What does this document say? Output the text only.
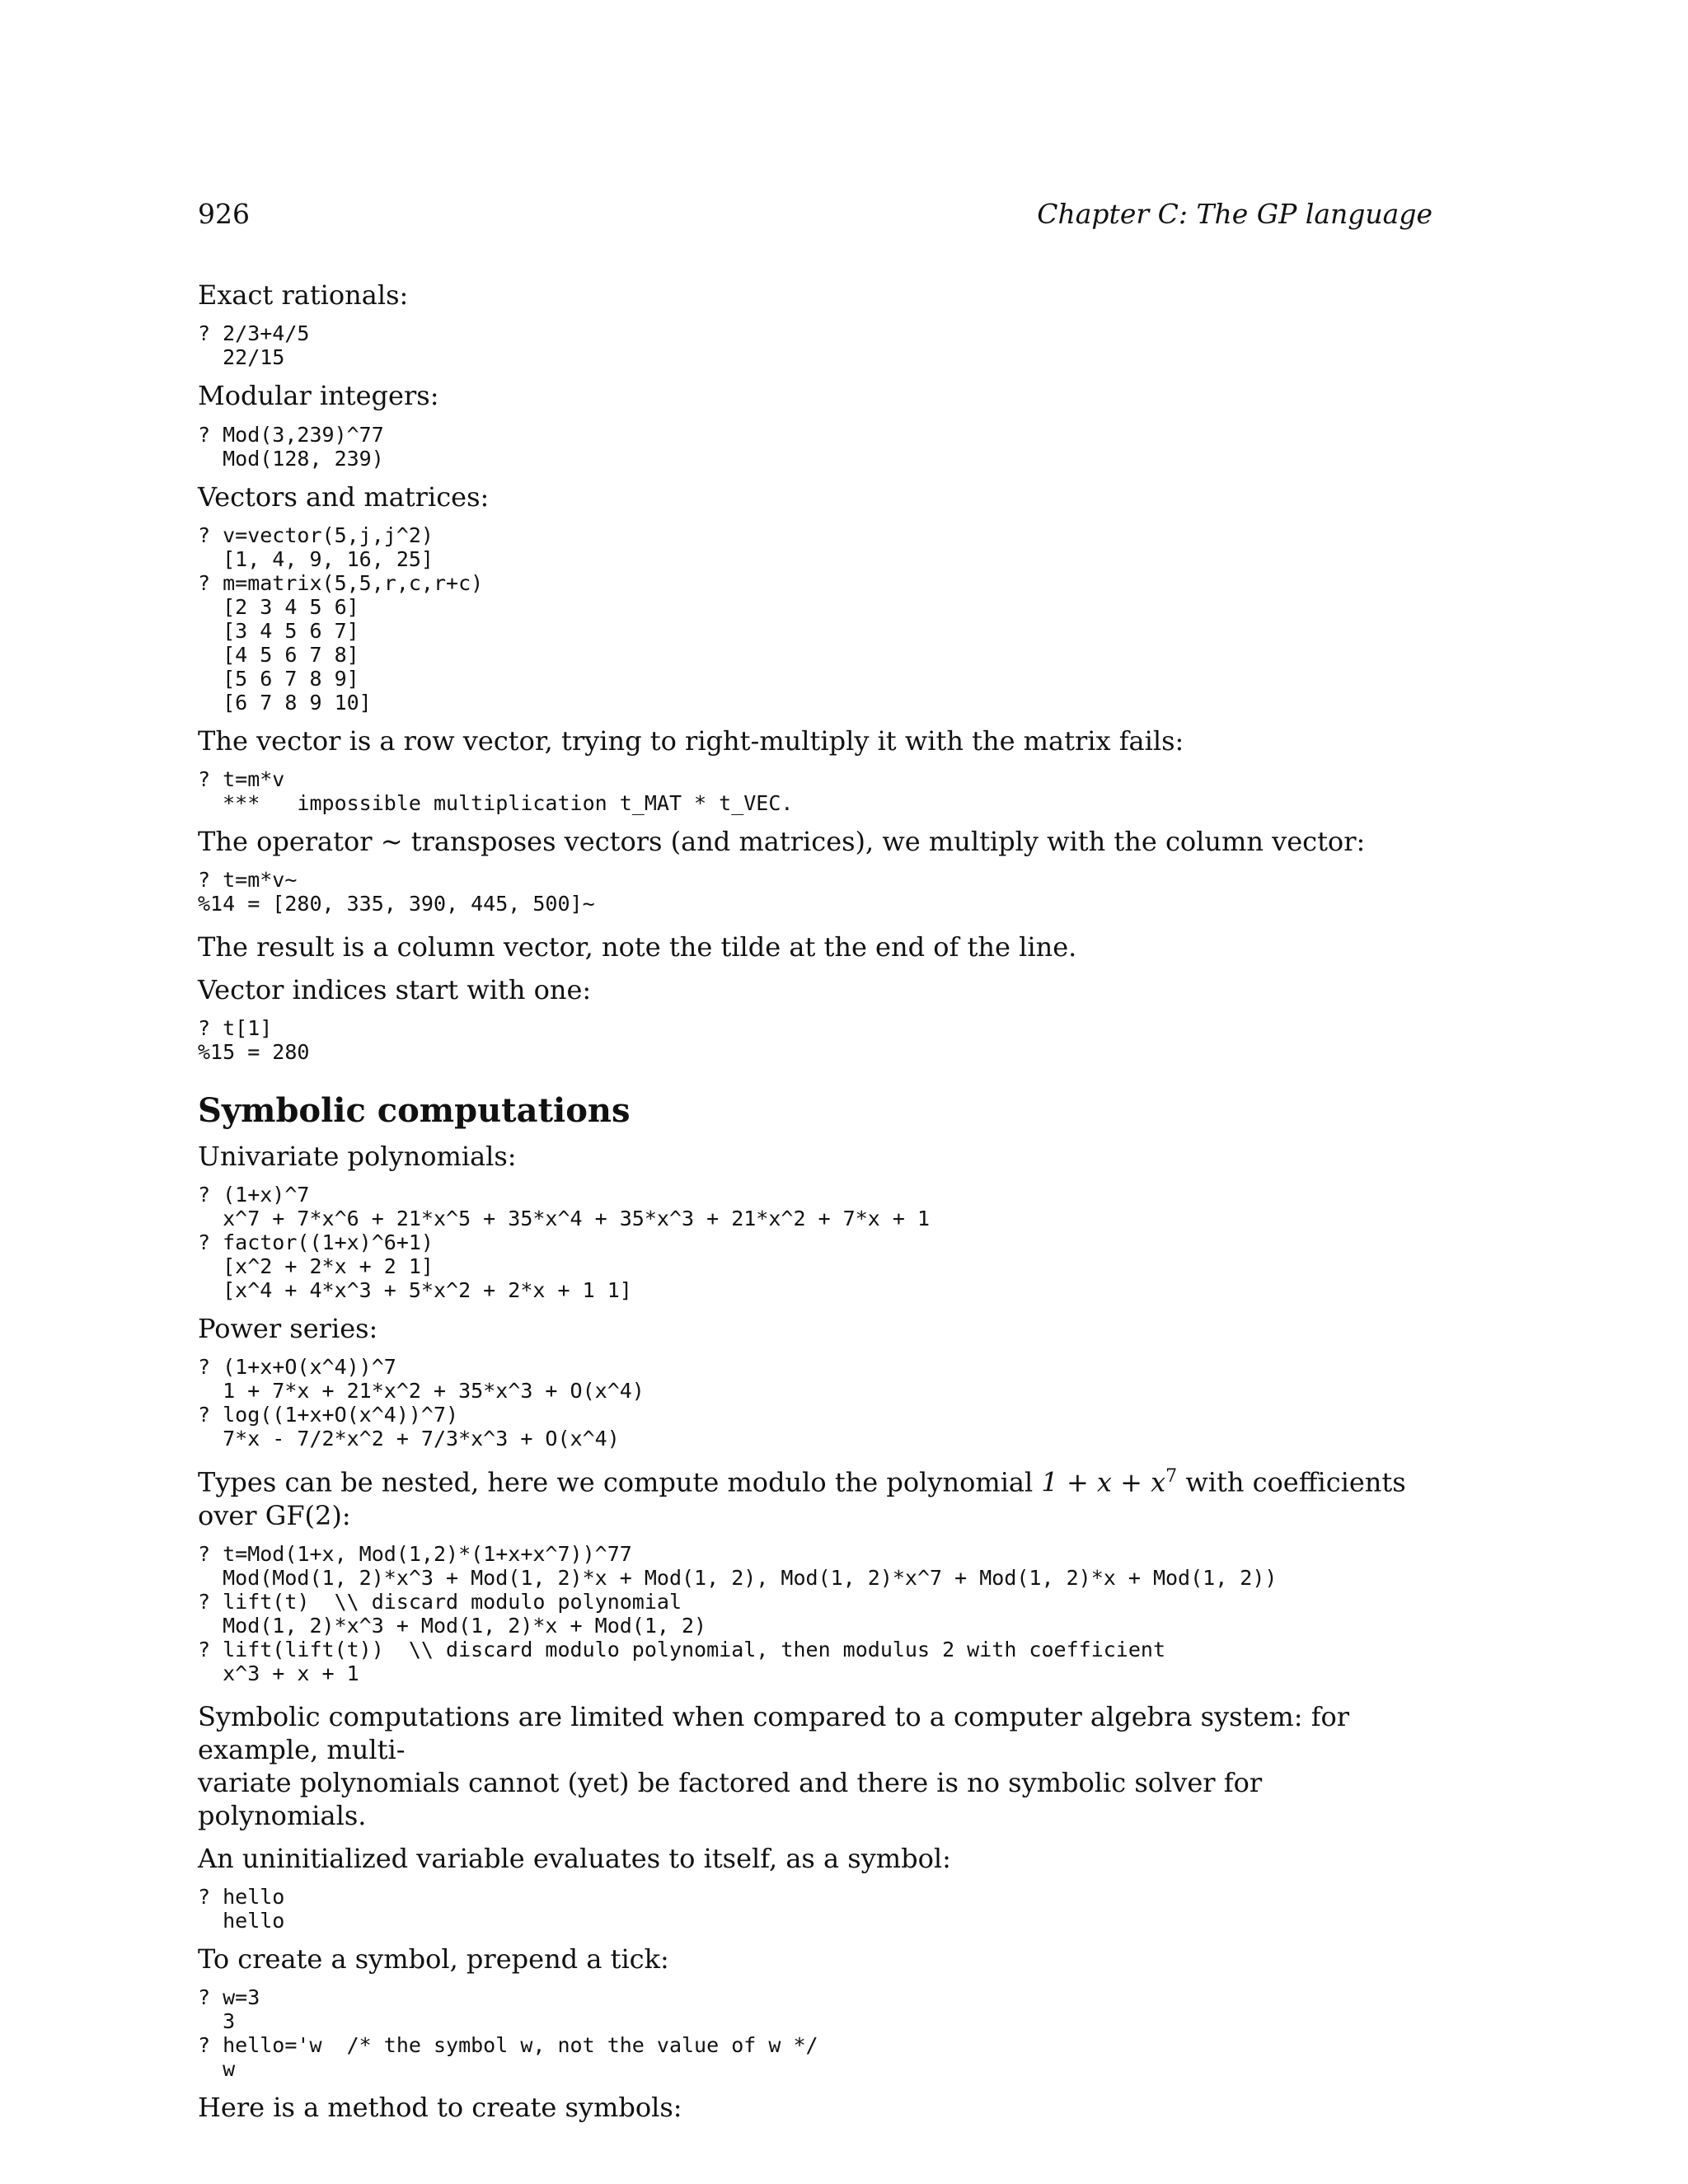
926	Chapter C: The GP language

Exact rationals:

? 2/3+4/5
22/15

Modular integers:

? Mod(3,239)^77
Mod(128, 239)

Vectors and matrices:

? v=vector(5,j,j^2)
[1, 4, 9, 16, 25]
? m=matrix(5,5,r,c,r+c)
[2 3 4 5 6]
[3 4 5 6 7]
[4 5 6 7 8]
[5 6 7 8 9]
[6 7 8 9 10]

The vector is a row vector, trying to right-multiply it with the matrix fails:

? t=m*v
***   impossible multiplication t_MAT * t_VEC.

The operator ~ transposes vectors (and matrices), we multiply with the column vector:

? t=m*v~
%14 = [280, 335, 390, 445, 500]~

The result is a column vector, note the tilde at the end of the line.

Vector indices start with one:

? t[1]
%15 = 280
Symbolic computations

Univariate polynomials:

? (1+x)^7
x^7 + 7*x^6 + 21*x^5 + 35*x^4 + 35*x^3 + 21*x^2 + 7*x + 1
? factor((1+x)^6+1)
[x^2 + 2*x + 2 1]
[x^4 + 4*x^3 + 5*x^2 + 2*x + 1 1]

Power series:

? (1+x+O(x^4))^7
1 + 7*x + 21*x^2 + 35*x^3 + O(x^4)
? log((1+x+O(x^4))^7)
7*x - 7/2*x^2 + 7/3*x^3 + O(x^4)

Types can be nested, here we compute modulo the polynomial $1 + x + x^7$ with coefficients over GF(2):

? t=Mod(1+x, Mod(1,2)*(1+x+x^7))^77
Mod(Mod(1, 2)*x^3 + Mod(1, 2)*x + Mod(1, 2), Mod(1, 2)*x^7 + Mod(1, 2)*x + Mod(1, 2))
? lift(t)  \\ discard modulo polynomial
Mod(1, 2)*x^3 + Mod(1, 2)*x + Mod(1, 2)
? lift(lift(t))  \\ discard modulo polynomial, then modulus 2 with coefficient
x^3 + x + 1

Symbolic computations are limited when compared to a computer algebra system: for example, multi-

variate polynomials cannot (yet) be factored and there is no symbolic solver for polynomials.

An uninitialized variable evaluates to itself, as a symbol:

? hello
hello

To create a symbol, prepend a tick:

? w=3
3
? hello='w  /* the symbol w, not the value of w */
w

Here is a method to create symbols:
